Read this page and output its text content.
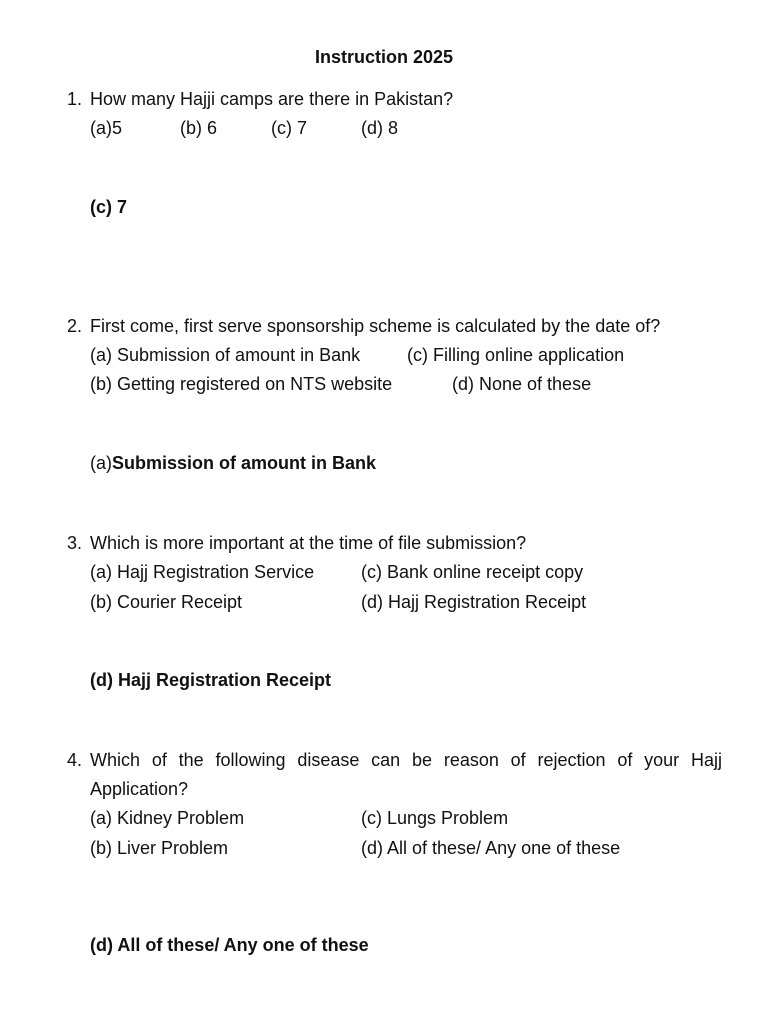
Instruction 2025
1. How many Hajji camps are there in Pakistan?
(a)5	(b) 6	(c) 7	(d) 8
(c) 7
2. First come, first serve sponsorship scheme is calculated by the date of?
(a) Submission of amount in Bank	(c) Filling online application
(b) Getting registered on NTS website	(d) None of these
(a)Submission of amount in Bank
3. Which is more important at the time of file submission?
(a) Hajj Registration Service	(c) Bank online receipt copy
(b) Courier Receipt	(d) Hajj Registration Receipt
(d) Hajj Registration Receipt
4. Which of the following disease can be reason of rejection of your Hajj
Application?
(a) Kidney Problem	(c) Lungs Problem
(b) Liver Problem	(d) All of these/ Any one of these
(d) All of these/ Any one of these
